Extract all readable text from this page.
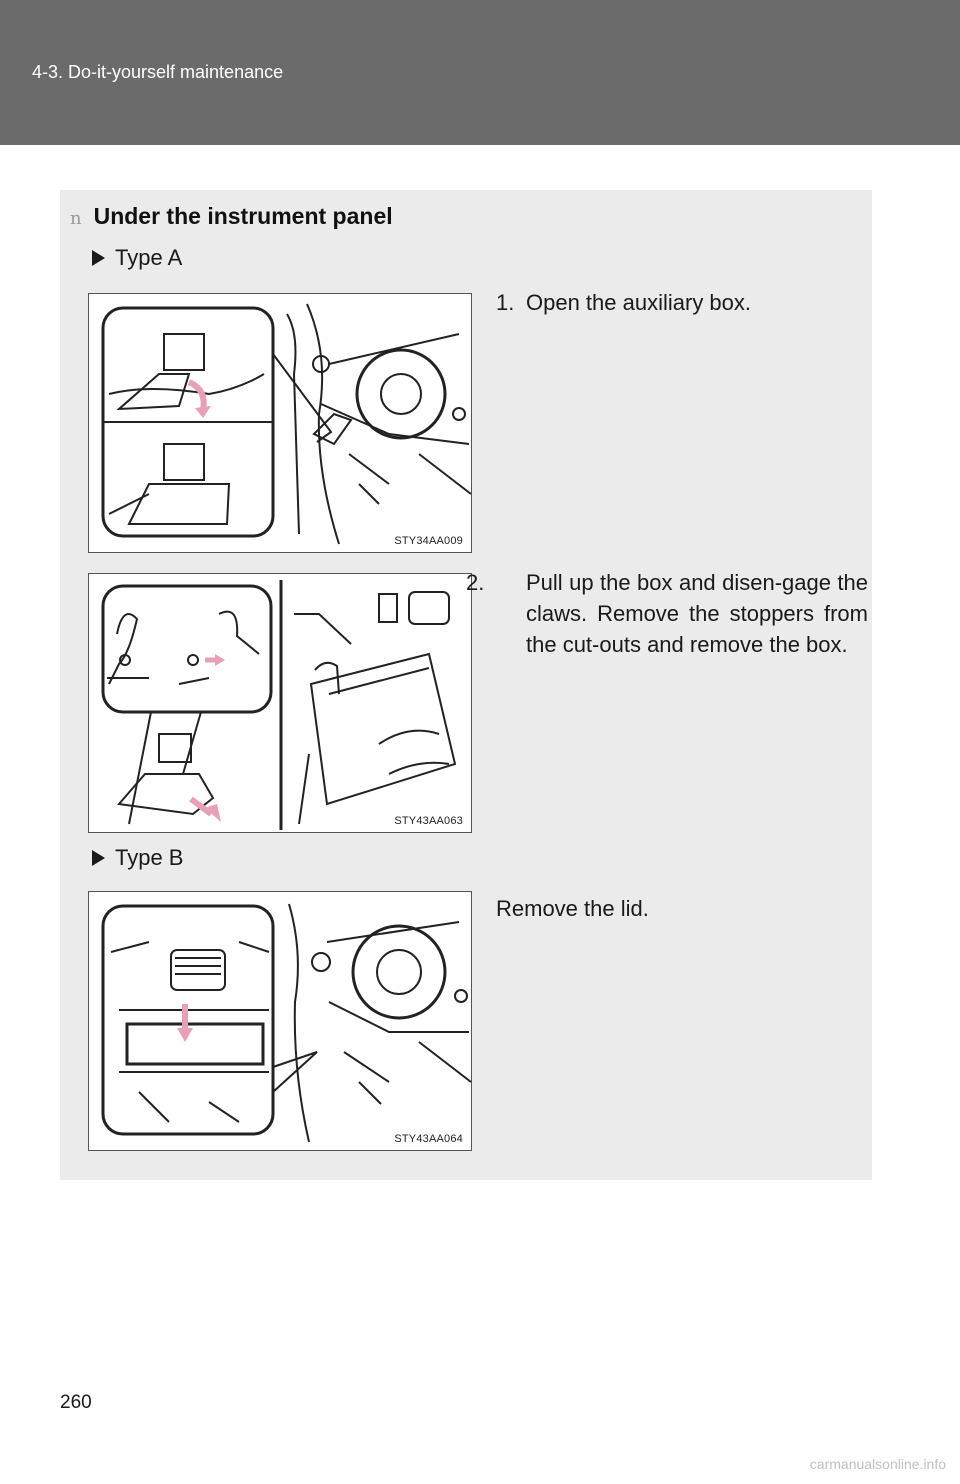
4-3. Do-it-yourself maintenance
n Under the instrument panel
Type A
STY34AA009
1. Open the auxiliary box.
STY43AA063
2. Pull up the box and disen-gage the claws. Remove the stoppers from the cut-outs and remove the box.
Type B
STY43AA064
Remove the lid.
260
carmanualsonline.info
